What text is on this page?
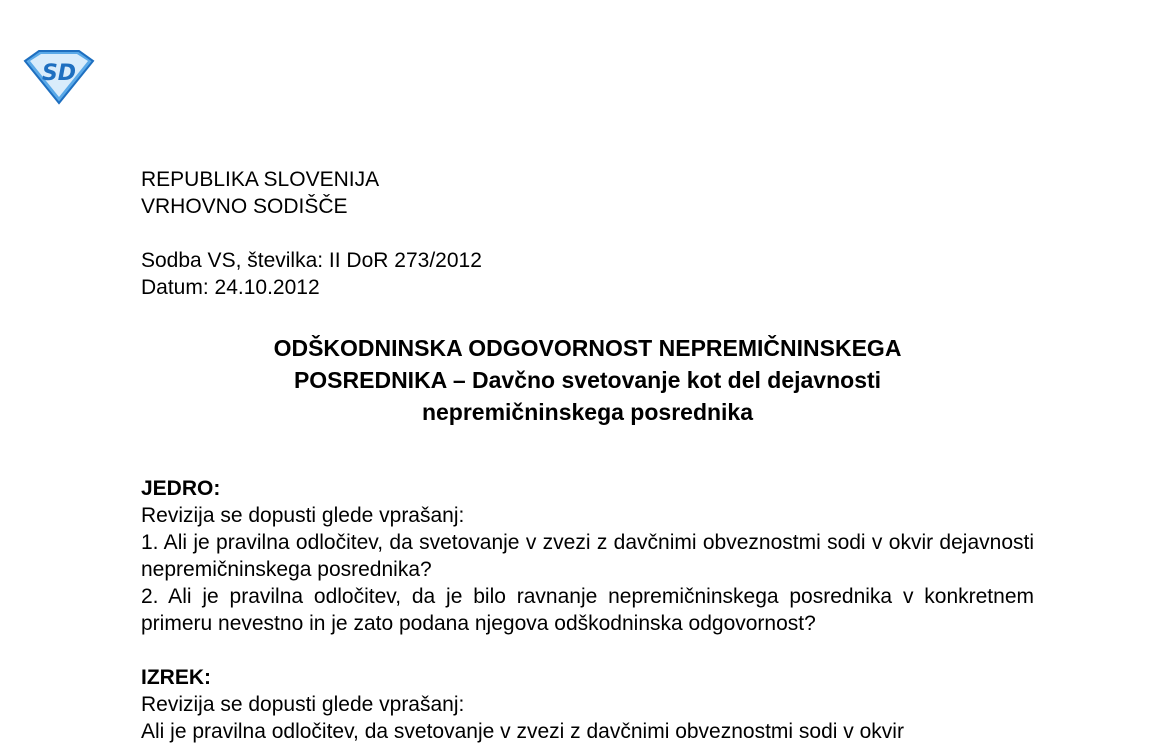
SD
REPUBLIKA SLOVENIJA
VRHOVNO SODIŠČE
Sodba VS, številka: II DoR 273/2012
Datum: 24.10.2012
ODŠKODNINSKA ODGOVORNOST NEPREMIČNINSKEGA
POSREDNIKA – Davčno svetovanje kot del dejavnosti
nepremičninskega posrednika
JEDRO:
Revizija se dopusti glede vprašanj:
1. Ali je pravilna odločitev, da svetovanje v zvezi z davčnimi obveznostmi sodi v okvir dejavnosti nepremičninskega posrednika?
2. Ali je pravilna odločitev, da je bilo ravnanje nepremičninskega posrednika v konkretnem primeru nevestno in je zato podana njegova odškodninska odgovornost?
IZREK:
Revizija se dopusti glede vprašanj:
Ali je pravilna odločitev, da svetovanje v zvezi z davčnimi obveznostmi sodi v okvir
